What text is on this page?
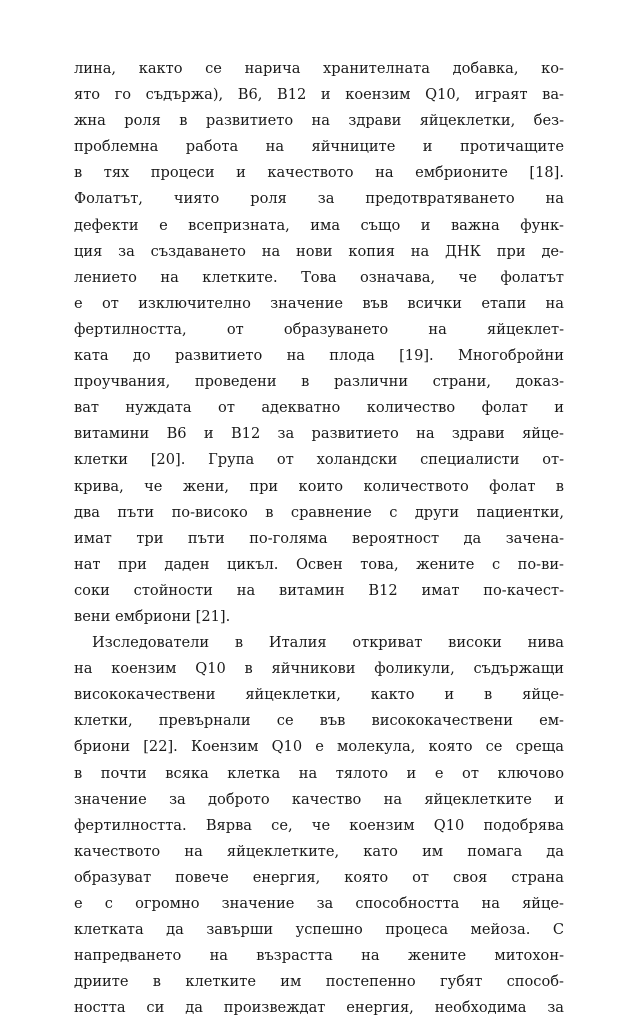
лина, както се нарича хранителната добавка, ко-
ято го съдържа), B6, B12 и коензим Q10, играят ва-
жна роля в развитието на здрави яйцеклетки, без-
проблемна работа на яйчниците и протичащите
в тях процеси и качеството на ембрионите [18].
Фолатът, чиято роля за предотвратяването на
дефекти е всепризната, има също и важна функ-
ция за създаването на нови копия на ДНК при де-
лението на клетките. Това означава, че фолатът
е от изключително значение във всички етапи на
фертилността, от образуването на яйцеклет-
ката до развитието на плода [19]. Многобройни
проучвания, проведени в различни страни, доказ-
ват нуждата от адекватно количество фолат и
витамини B6 и B12 за развитието на здрави яйце-
клетки [20]. Група от холандски специалисти от-
крива, че жени, при които количеството фолат в
два пъти по-високо в сравнение с други пациентки,
имат три пъти по-голяма вероятност да зачена-
нат при даден цикъл. Освен това, жените с по-ви-
соки стойности на витамин B12 имат по-качест-
вени ембриони [21].
Изследователи в Италия откриват високи нива
на коензим Q10 в яйчникови фоликули, съдържащи
висококачествени яйцеклетки, както и в яйце-
клетки, превърнали се във висококачествени ем-
бриони [22]. Коензим Q10 е молекула, която се среща
в почти всяка клетка на тялото и е от ключово
значение за доброто качество на яйцеклетките и
фертилността. Вярва се, че коензим Q10 подобрява
качеството на яйцеклетките, като им помага да
образуват повече енергия, която от своя страна
е с огромно значение за способността на яйце-
клетката да завърши успешно процеса мейоза. С
напредването на възрастта на жените митохон-
дриите в клетките им постепенно губят способ-
ността си да произвеждат енергия, необходима за
